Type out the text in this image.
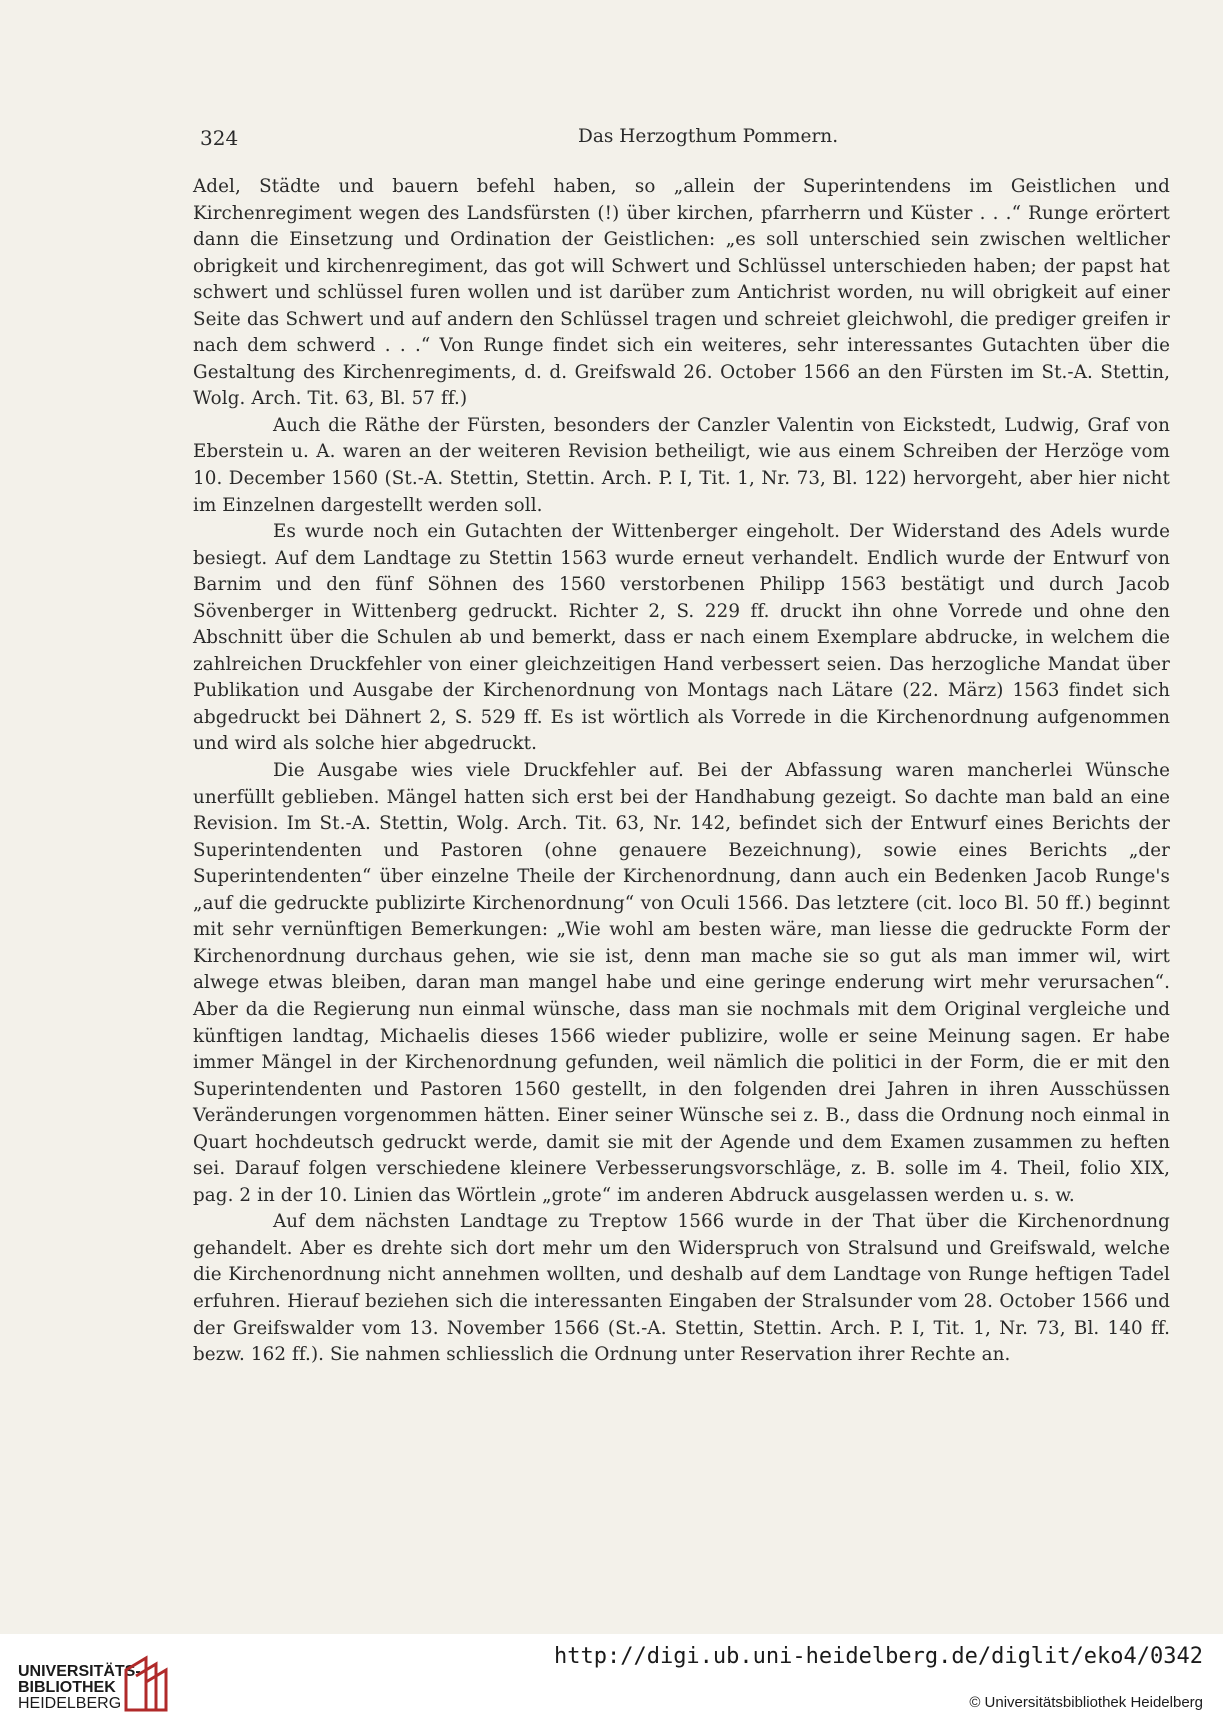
324	Das Herzogthum Pommern.

Adel, Städte und bauern befehl haben, so „allein der Superintendens im Geistlichen und Kirchenregiment wegen des Landsfürsten (!) über kirchen, pfarrherrn und Küster . . .“ Runge erörtert dann die Einsetzung und Ordination der Geistlichen: „es soll unterschied sein zwischen weltlicher obrigkeit und kirchenregiment, das got will Schwert und Schlüssel unterschieden haben; der papst hat schwert und schlüssel furen wollen und ist darüber zum Antichrist worden, nu will obrigkeit auf einer Seite das Schwert und auf andern den Schlüssel tragen und schreiet gleichwohl, die prediger greifen ir nach dem schwerd . . .“ Von Runge findet sich ein weiteres, sehr interessantes Gutachten über die Gestaltung des Kirchenregiments, d. d. Greifswald 26. October 1566 an den Fürsten im St.-A. Stettin, Wolg. Arch. Tit. 63, Bl. 57 ff.)

Auch die Räthe der Fürsten, besonders der Canzler Valentin von Eickstedt, Ludwig, Graf von Eberstein u. A. waren an der weiteren Revision betheiligt, wie aus einem Schreiben der Herzöge vom 10. December 1560 (St.-A. Stettin, Stettin. Arch. P. I, Tit. 1, Nr. 73, Bl. 122) hervorgeht, aber hier nicht im Einzelnen dargestellt werden soll.

Es wurde noch ein Gutachten der Wittenberger eingeholt. Der Widerstand des Adels wurde besiegt. Auf dem Landtage zu Stettin 1563 wurde erneut verhandelt. Endlich wurde der Entwurf von Barnim und den fünf Söhnen des 1560 verstorbenen Philipp 1563 bestätigt und durch Jacob Sövenberger in Wittenberg gedruckt. Richter 2, S. 229 ff. druckt ihn ohne Vorrede und ohne den Abschnitt über die Schulen ab und bemerkt, dass er nach einem Exemplare abdrucke, in welchem die zahlreichen Druckfehler von einer gleichzeitigen Hand verbessert seien. Das herzogliche Mandat über Publikation und Ausgabe der Kirchenordnung von Montags nach Lätare (22. März) 1563 findet sich abgedruckt bei Dähnert 2, S. 529 ff. Es ist wörtlich als Vorrede in die Kirchenordnung aufgenommen und wird als solche hier abgedruckt.

Die Ausgabe wies viele Druckfehler auf. Bei der Abfassung waren mancherlei Wünsche unerfüllt geblieben. Mängel hatten sich erst bei der Handhabung gezeigt. So dachte man bald an eine Revision. Im St.-A. Stettin, Wolg. Arch. Tit. 63, Nr. 142, befindet sich der Entwurf eines Berichts der Superintendenten und Pastoren (ohne genauere Bezeichnung), sowie eines Berichts „der Superintendenten“ über einzelne Theile der Kirchenordnung, dann auch ein Bedenken Jacob Runge's „auf die gedruckte publizirte Kirchenordnung“ von Oculi 1566. Das letztere (cit. loco Bl. 50 ff.) beginnt mit sehr vernünftigen Bemerkungen: „Wie wohl am besten wäre, man liesse die gedruckte Form der Kirchenordnung durchaus gehen, wie sie ist, denn man mache sie so gut als man immer wil, wirt alwege etwas bleiben, daran man mangel habe und eine geringe enderung wirt mehr verursachen“. Aber da die Regierung nun einmal wünsche, dass man sie nochmals mit dem Original vergleiche und künftigen landtag, Michaelis dieses 1566 wieder publizire, wolle er seine Meinung sagen. Er habe immer Mängel in der Kirchenordnung gefunden, weil nämlich die politici in der Form, die er mit den Superintendenten und Pastoren 1560 gestellt, in den folgenden drei Jahren in ihren Ausschüssen Veränderungen vorgenommen hätten. Einer seiner Wünsche sei z. B., dass die Ordnung noch einmal in Quart hochdeutsch gedruckt werde, damit sie mit der Agende und dem Examen zusammen zu heften sei. Darauf folgen verschiedene kleinere Verbesserungsvorschläge, z. B. solle im 4. Theil, folio XIX, pag. 2 in der 10. Linien das Wörtlein „grote“ im anderen Abdruck ausgelassen werden u. s. w.

Auf dem nächsten Landtage zu Treptow 1566 wurde in der That über die Kirchenordnung gehandelt. Aber es drehte sich dort mehr um den Widerspruch von Stralsund und Greifswald, welche die Kirchenordnung nicht annehmen wollten, und deshalb auf dem Landtage von Runge heftigen Tadel erfuhren. Hierauf beziehen sich die interessanten Eingaben der Stralsunder vom 28. October 1566 und der Greifswalder vom 13. November 1566 (St.-A. Stettin, Stettin. Arch. P. I, Tit. 1, Nr. 73, Bl. 140 ff. bezw. 162 ff.). Sie nahmen schliesslich die Ordnung unter Reservation ihrer Rechte an.

UNIVERSITÄTS-
BIBLIOTHEK
HEIDELBERG
http://digi.ub.uni-heidelberg.de/diglit/eko4/0342
© Universitätsbibliothek Heidelberg
